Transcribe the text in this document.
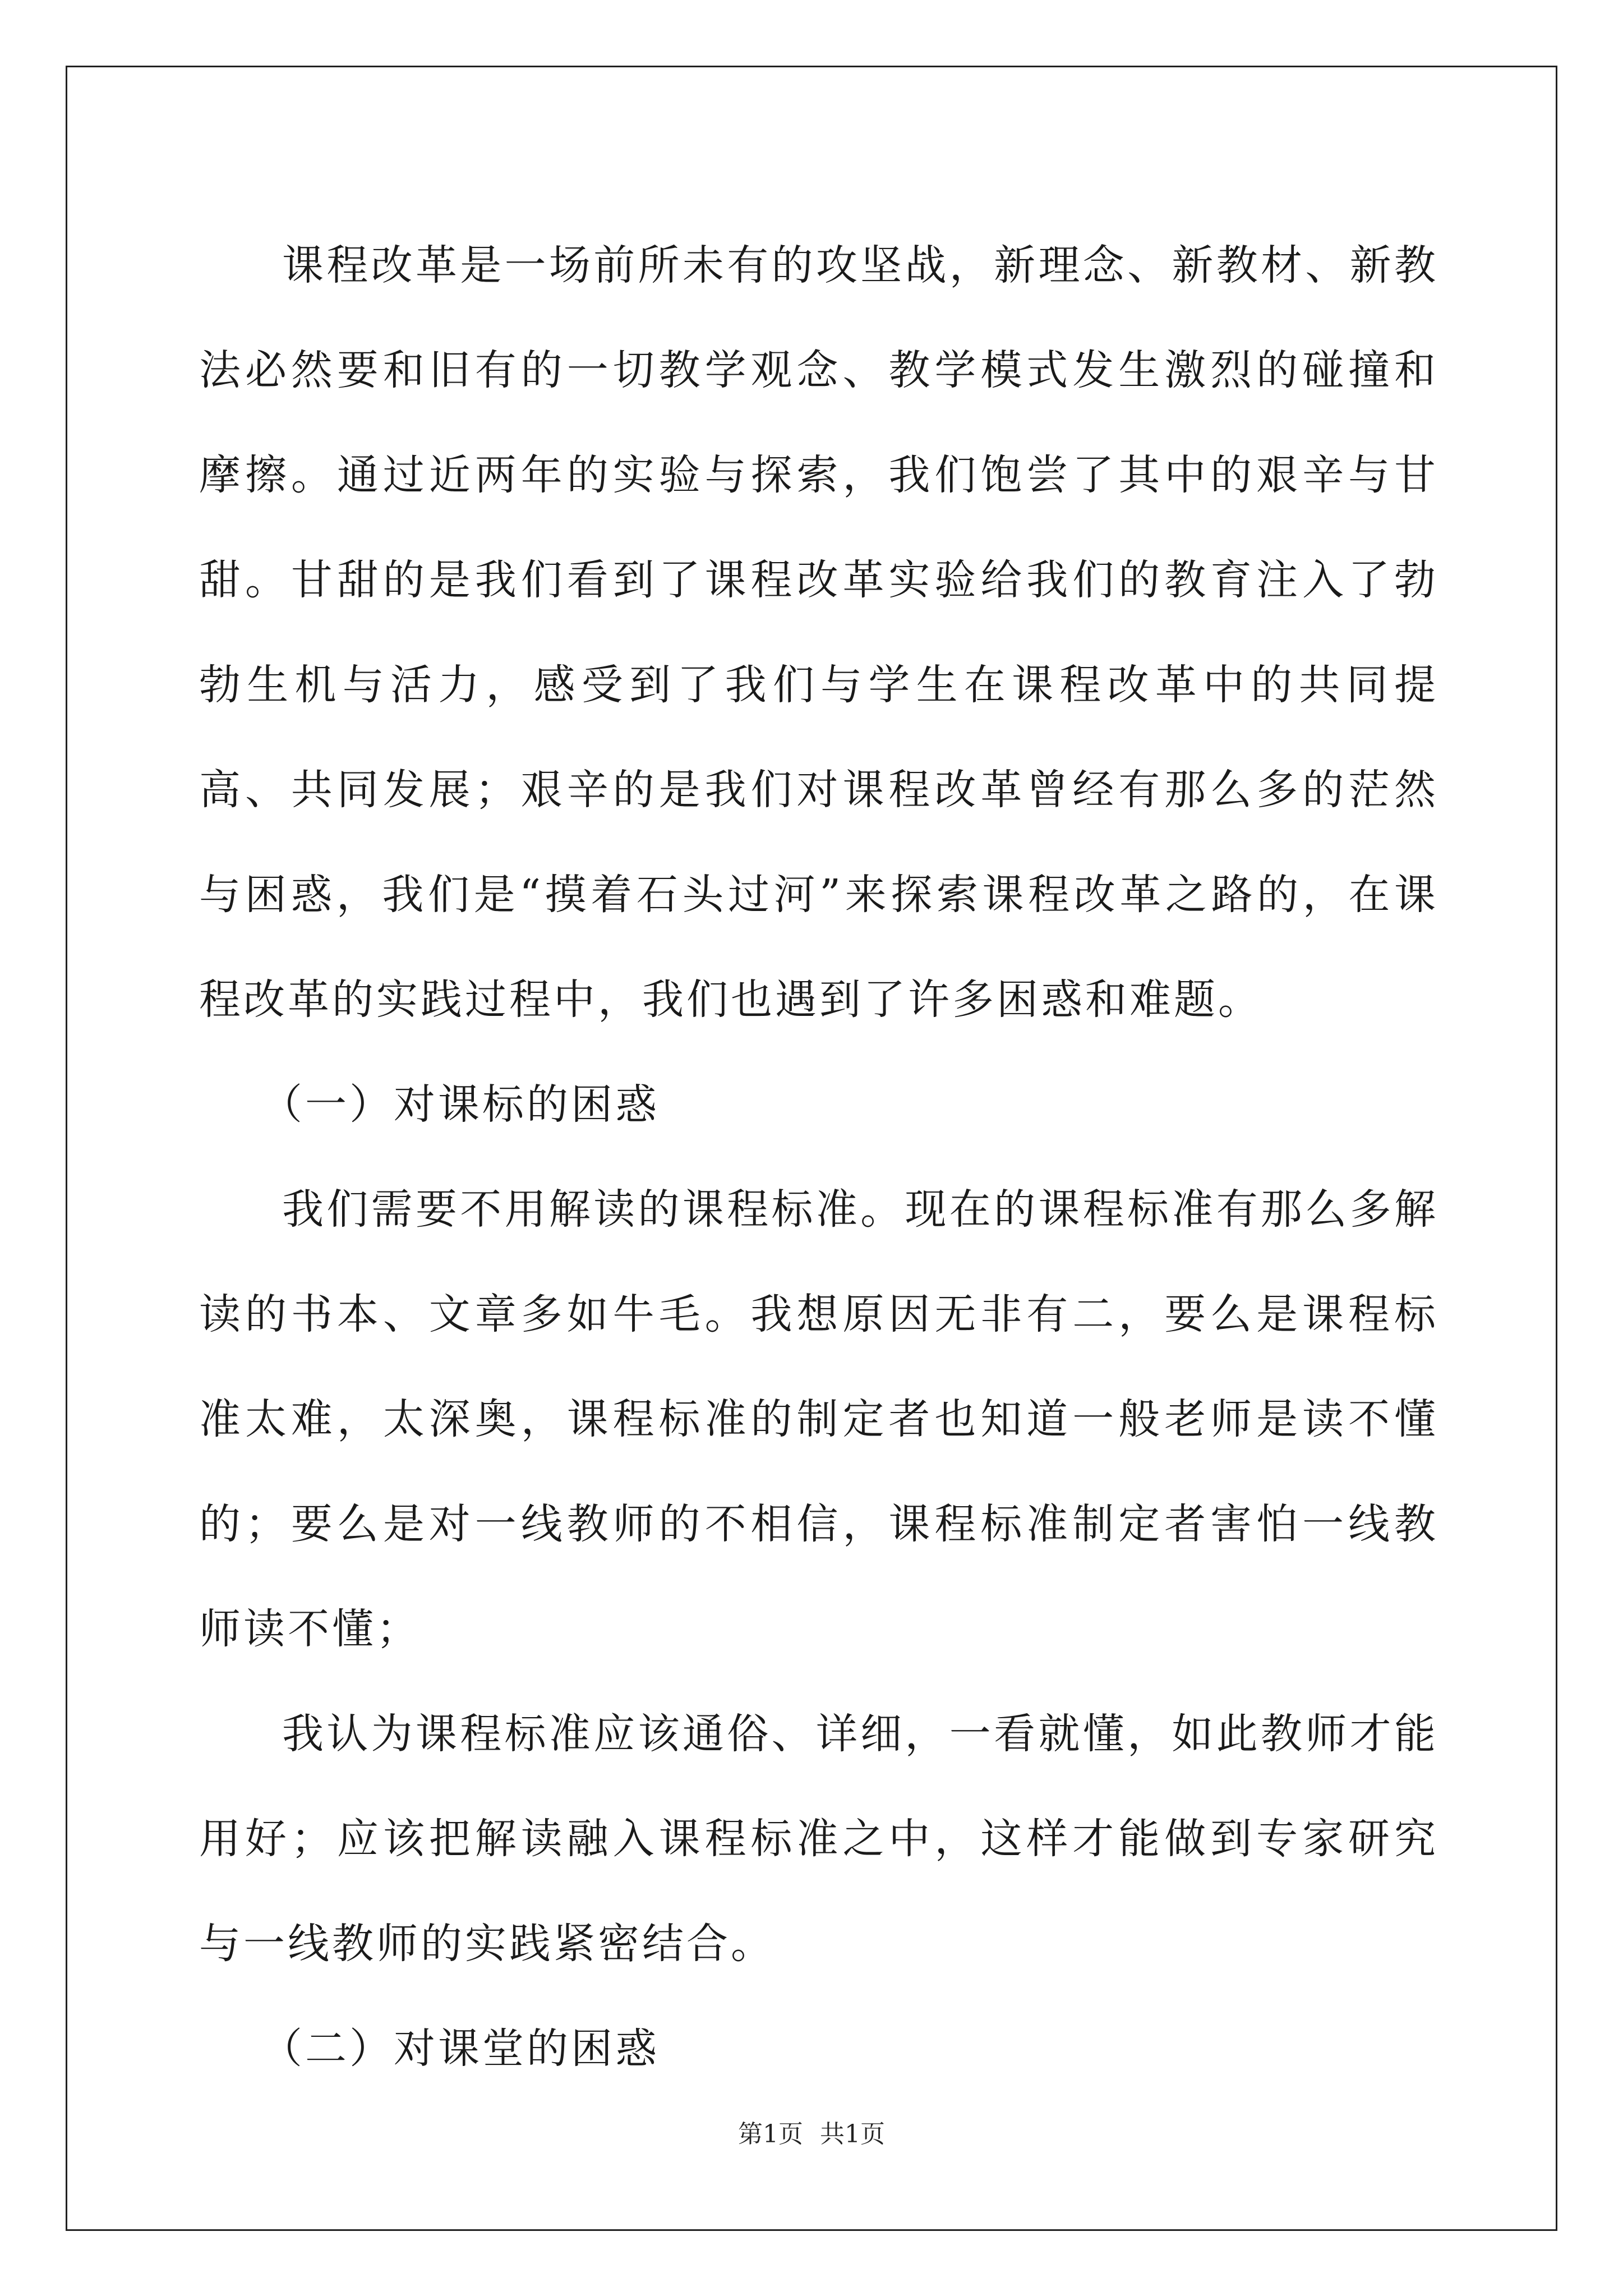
课程改革是一场前所未有的攻坚战，新理念、新教材、新教法必然要和旧有的一切教学观念、教学模式发生激烈的碰撞和摩擦。通过近两年的实验与探索，我们饱尝了其中的艰辛与甘甜。甘甜的是我们看到了课程改革实验给我们的教育注入了勃勃生机与活力，感受到了我们与学生在课程改革中的共同提高、共同发展；艰辛的是我们对课程改革曾经有那么多的茫然与困惑，我们是“摸着石头过河”来探索课程改革之路的，在课程改革的实践过程中，我们也遇到了许多困惑和难题。

（一）对课标的困惑

我们需要不用解读的课程标准。现在的课程标准有那么多解读的书本、文章多如牛毛。我想原因无非有二，要么是课程标准太难，太深奥，课程标准的制定者也知道一般老师是读不懂的；要么是对一线教师的不相信，课程标准制定者害怕一线教师读不懂；

我认为课程标准应该通俗、详细，一看就懂，如此教师才能用好；应该把解读融入课程标准之中，这样才能做到专家研究与一线教师的实践紧密结合。

（二）对课堂的困惑

第1页 共1页
